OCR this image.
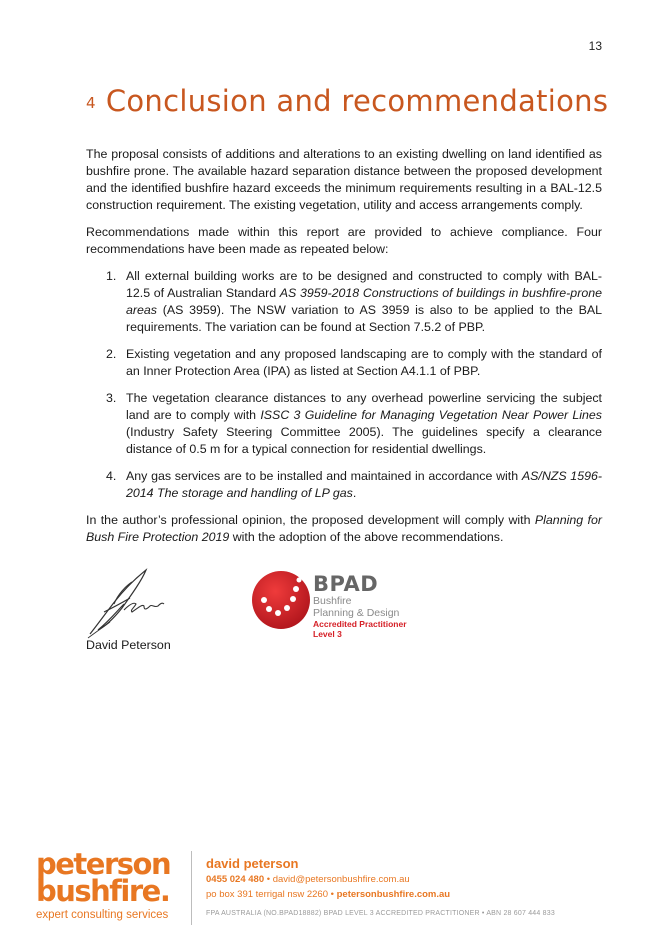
13
4 Conclusion and recommendations

The proposal consists of additions and alterations to an existing dwelling on land identified as bushfire prone. The available hazard separation distance between the proposed development and the identified bushfire hazard exceeds the minimum requirements resulting in a BAL-12.5 construction requirement. The existing vegetation, utility and access arrangements comply.

Recommendations made within this report are provided to achieve compliance. Four recommendations have been made as repeated below:

1. All external building works are to be designed and constructed to comply with BAL-12.5 of Australian Standard AS 3959-2018 Constructions of buildings in bushfire-prone areas (AS 3959). The NSW variation to AS 3959 is also to be applied to the BAL requirements. The variation can be found at Section 7.5.2 of PBP.
2. Existing vegetation and any proposed landscaping are to comply with the standard of an Inner Protection Area (IPA) as listed at Section A4.1.1 of PBP.
3. The vegetation clearance distances to any overhead powerline servicing the subject land are to comply with ISSC 3 Guideline for Managing Vegetation Near Power Lines (Industry Safety Steering Committee 2005). The guidelines specify a clearance distance of 0.5 m for a typical connection for residential dwellings.
4. Any gas services are to be installed and maintained in accordance with AS/NZS 1596-2014 The storage and handling of LP gas.

In the author’s professional opinion, the proposed development will comply with Planning for Bush Fire Protection 2019 with the adoption of the above recommendations.

David Peterson
BPAD
Bushfire
Planning & Design
Accredited Practitioner
Level 3
peterson
bushfire.
expert consulting services
david peterson
0455 024 480 • david@petersonbushfire.com.au
po box 391 terrigal nsw 2260 • petersonbushfire.com.au
FPA AUSTRALIA (NO.BPAD18882) BPAD LEVEL 3 ACCREDITED PRACTITIONER • ABN 28 607 444 833
